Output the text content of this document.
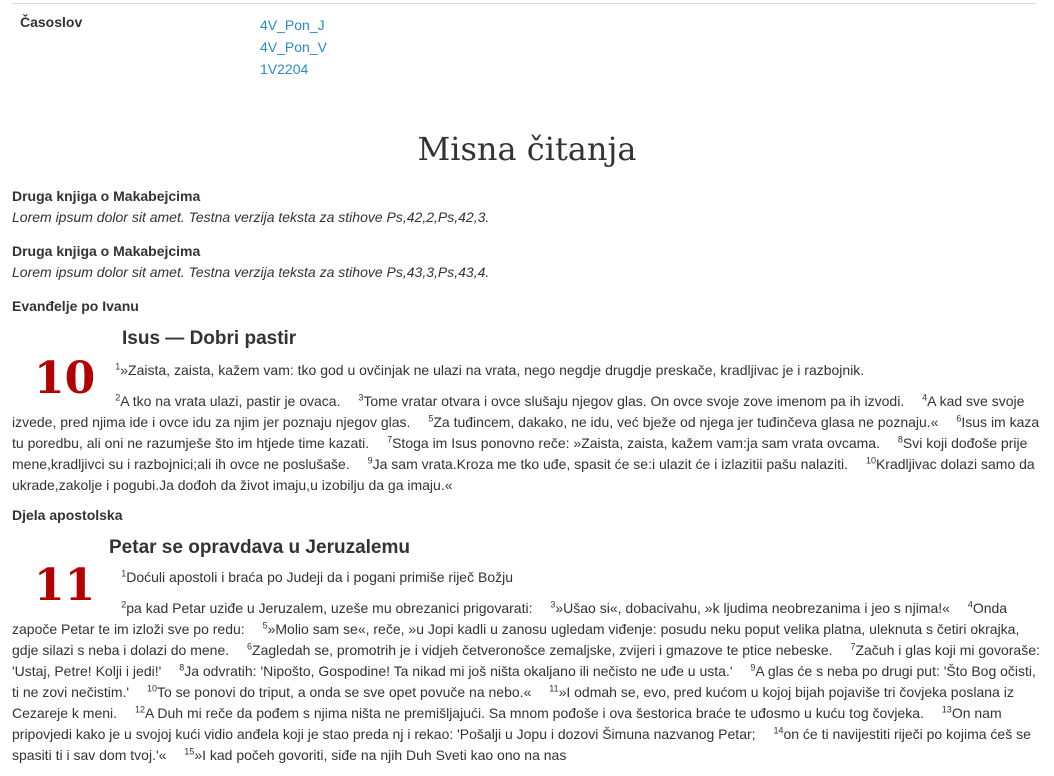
Časoslov	4V_Pon_J
4V_Pon_V
1V2204
Misna čitanja
Druga knjiga o Makabejcima
Lorem ipsum dolor sit amet. Testna verzija teksta za stihove Ps,42,2,Ps,42,3.
Druga knjiga o Makabejcima
Lorem ipsum dolor sit amet. Testna verzija teksta za stihove Ps,43,3,Ps,43,4.
Evanđelje po Ivanu
Isus — Dobri pastir
10	$^1$»Zaista, zaista, kažem vam: tko god u ovčinjak ne ulazi na vrata, nego negdje drugdje preskače, kradljivac je i razbojnik.

$^2$A tko na vrata ulazi, pastir je ovaca. $^3$Tome vratar otvara i ovce slušaju njegov glas. On ovce svoje zove imenom pa ih izvodi. $^4$A kad sve svoje izvede, pred njima ide i ovce idu za njim jer poznaju njegov glas. $^5$Za tuđincem, dakako, ne idu, već bježe od njega jer tuđinčeva glasa ne poznaju.« $^6$Isus im kaza tu poredbu, ali oni ne razumješe što im htjede time kazati. $^7$Stoga im Isus ponovno reče: »Zaista, zaista, kažem vam:ja sam vrata ovcama. $^8$Svi koji dođoše prije mene,kradljivci su i razbojnici;ali ih ovce ne poslušaše. $^9$Ja sam vrata.Kroza me tko uđe, spasit će se:i ulazit će i izlazitii pašu nalaziti. $^{10}$Kradljivac dolazi samo da ukrade,zakolje i pogubi.Ja dođoh da život imaju,u izobilju da ga imaju.«

Djela apostolska
Petar se opravdava u Jeruzalemu
11	$^1$Doćuli apostoli i braća po Judeji da i pogani primiše riječ Božju

$^2$pa kad Petar uziđe u Jeruzalem, uzeše mu obrezanici prigovarati: $^3$»Ušao si«, dobacivahu, »k ljudima neobrezanima i jeo s njima!« $^4$Onda započe Petar te im izloži sve po redu: $^5$»Molio sam se«, reče, »u Jopi kadli u zanosu ugledam viđenje: posudu neku poput velika platna, uleknuta s četiri okrajka, gdje silazi s neba i dolazi do mene. $^6$Zagledah se, promotrih je i vidjeh četveronošce zemaljske, zvijeri i gmazove te ptice nebeske. $^7$Začuh i glas koji mi govoraše: 'Ustaj, Petre! Kolji i jedi!' $^8$Ja odvratih: 'Nipošto, Gospodine! Ta nikad mi još ništa okaljano ili nečisto ne uđe u usta.' $^9$A glas će s neba po drugi put: 'Što Bog očisti, ti ne zovi nečistim.' $^{10}$To se ponovi do triput, a onda se sve opet povuče na nebo.« $^{11}$»I odmah se, evo, pred kućom u kojoj bijah pojaviše tri čovjeka poslana iz Cezareje k meni. $^{12}$A Duh mi reče da pođem s njima ništa ne premišljajući. Sa mnom pođoše i ova šestorica braće te uđosmo u kuću tog čovjeka. $^{13}$On nam pripovjedi kako je u svojoj kući vidio anđela koji je stao preda nj i rekao: 'Pošalji u Jopu i dozovi Šimuna nazvanog Petar; $^{14}$on će ti navijestiti riječi po kojima ćeš se spasiti ti i sav dom tvoj.'« $^{15}$»I kad počeh govoriti, siđe na njih Duh Sveti kao ono na nas
